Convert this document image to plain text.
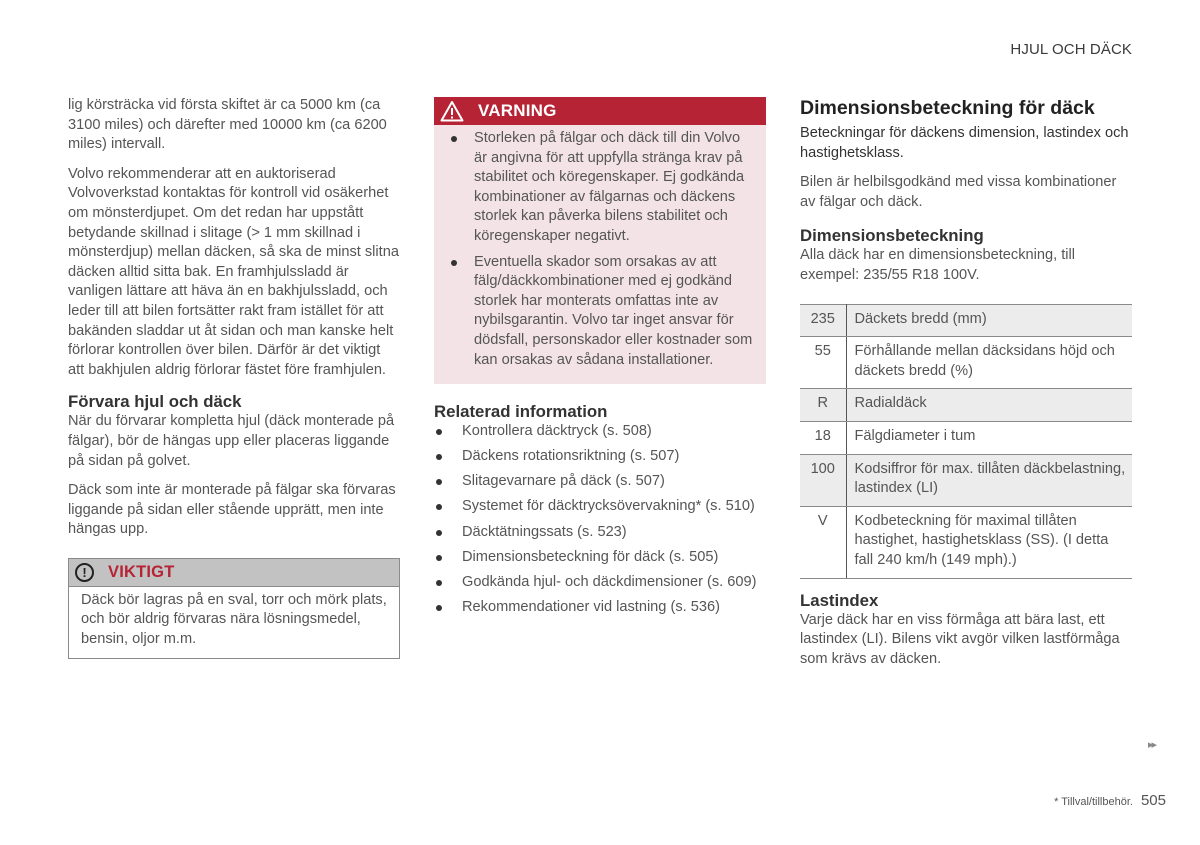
HJUL OCH DÄCK

lig körsträcka vid första skiftet är ca 5000 km (ca 3100 miles) och därefter med 10000 km (ca 6200 miles) intervall.

Volvo rekommenderar att en auktoriserad Volvoverkstad kontaktas för kontroll vid osäkerhet om mönsterdjupet. Om det redan har uppstått betydande skillnad i slitage (> 1 mm skillnad i mönsterdjup) mellan däcken, så ska de minst slitna däcken alltid sitta bak. En framhjulssladd är vanligen lättare att häva än en bakhjulssladd, och leder till att bilen fortsätter rakt fram istället för att bakänden sladdar ut åt sidan och man kanske helt förlorar kontrollen över bilen. Därför är det viktigt att bakhjulen aldrig förlorar fästet före framhjulen.

Förvara hjul och däck

När du förvarar kompletta hjul (däck monterade på fälgar), bör de hängas upp eller placeras liggande på sidan på golvet.

Däck som inte är monterade på fälgar ska förvaras liggande på sidan eller stående upprätt, men inte hängas upp.

!	VIKTIGT
Däck bör lagras på en sval, torr och mörk plats, och bör aldrig förvaras nära lösningsmedel, bensin, oljor m.m.
VARNING
Storleken på fälgar och däck till din Volvo är angivna för att uppfylla stränga krav på stabilitet och köregenskaper. Ej godkända kombinationer av fälgarnas och däckens storlek kan påverka bilens stabilitet och köregenskaper negativt.
Eventuella skador som orsakas av att fälg/däckkombinationer med ej godkänd storlek har monterats omfattas inte av nybilsgarantin. Volvo tar inget ansvar för dödsfall, personskador eller kostnader som kan orsakas av sådana installationer.
Relaterad information
Kontrollera däcktryck (s. 508)
Däckens rotationsriktning (s. 507)
Slitagevarnare på däck (s. 507)
Systemet för däcktrycksövervakning* (s. 510)
Däcktätningssats (s. 523)
Dimensionsbeteckning för däck (s. 505)
Godkända hjul- och däckdimensioner (s. 609)
Rekommendationer vid lastning (s. 536)
Dimensionsbeteckning för däck

Beteckningar för däckens dimension, lastindex och hastighetsklass.

Bilen är helbilsgodkänd med vissa kombinationer av fälgar och däck.

Dimensionsbeteckning

Alla däck har en dimensionsbeteckning, till exempel: 235/55 R18 100V.

235	Däckets bredd (mm)
55	Förhållande mellan däcksidans höjd och däckets bredd (%)
R	Radialdäck
18	Fälgdiameter i tum
100	Kodsiffror för max. tillåten däckbelastning, lastindex (LI)
V	Kodbeteckning för maximal tillåten hastighet, hastighetsklass (SS). (I detta fall 240 km/h (149 mph).)
Lastindex

Varje däck har en viss förmåga att bära last, ett lastindex (LI). Bilens vikt avgör vilken lastförmåga som krävs av däcken.

▸▸
* Tillval/tillbehör. 505
